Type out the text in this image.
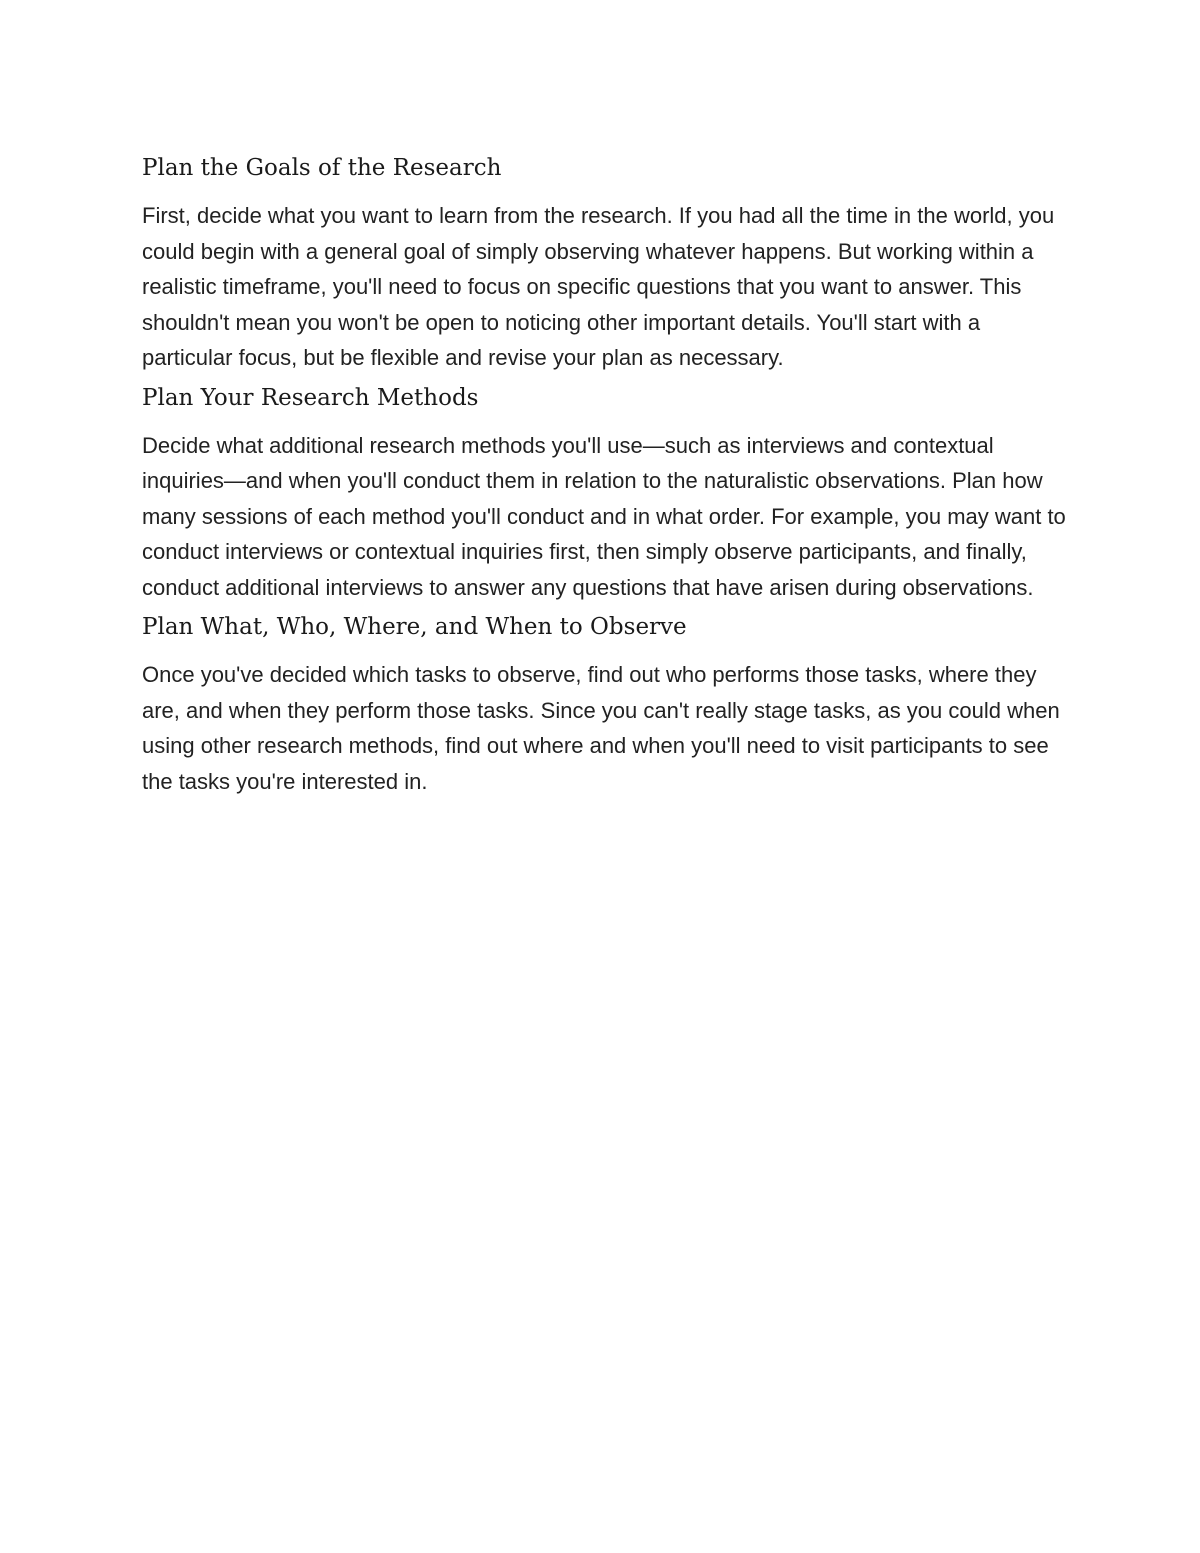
Plan the Goals of the Research

First, decide what you want to learn from the research. If you had all the time in the world, you could begin with a general goal of simply observing whatever happens. But working within a realistic timeframe, you'll need to focus on specific questions that you want to answer. This shouldn't mean you won't be open to noticing other important details. You'll start with a particular focus, but be flexible and revise your plan as necessary.

Plan Your Research Methods

Decide what additional research methods you'll use—such as interviews and contextual inquiries—and when you'll conduct them in relation to the naturalistic observations. Plan how many sessions of each method you'll conduct and in what order. For example, you may want to conduct interviews or contextual inquiries first, then simply observe participants, and finally, conduct additional interviews to answer any questions that have arisen during observations.

Plan What, Who, Where, and When to Observe

Once you've decided which tasks to observe, find out who performs those tasks, where they are, and when they perform those tasks. Since you can't really stage tasks, as you could when using other research methods, find out where and when you'll need to visit participants to see the tasks you're interested in.
